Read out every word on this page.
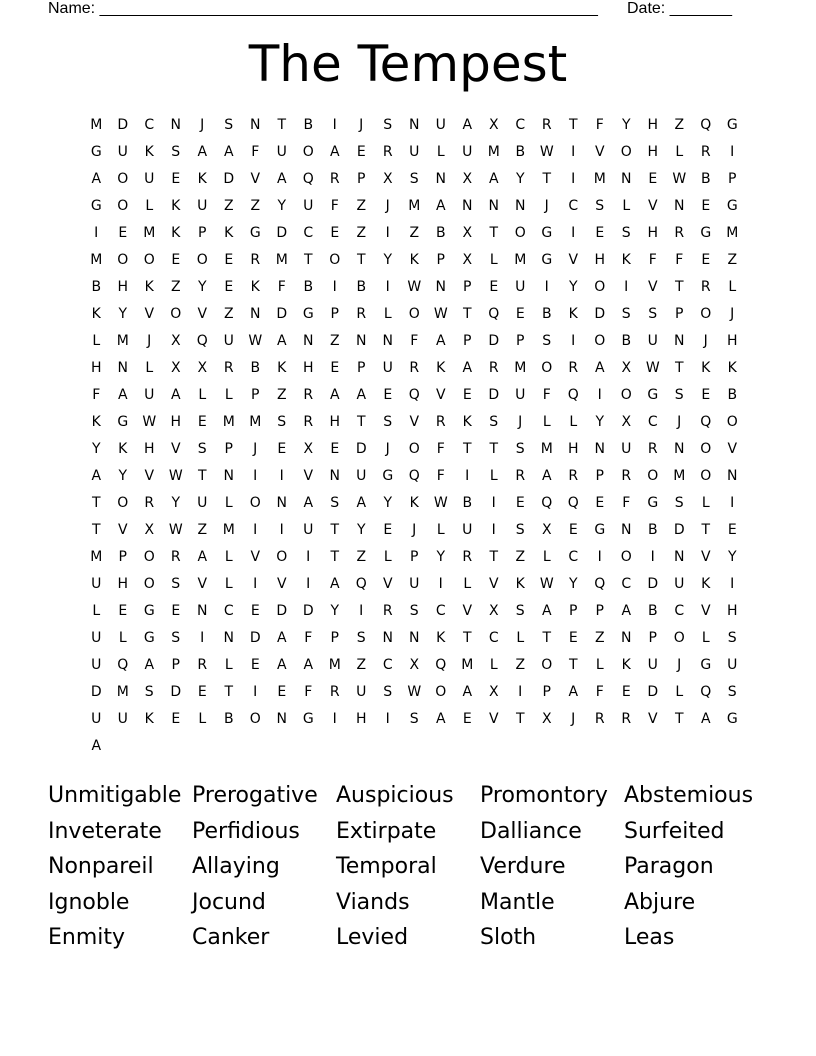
Name: ________________________________________________________ Date: _______
The Tempest
M	D	C	N	J	S	N	T	B	I	J	S	N	U	A	X	C	R	T	F	Y	H	Z	Q	G
G	U	K	S	A	A	F	U	O	A	E	R	U	L	U	M	B	W	I	V	O	H	L	R	I
A	O	U	E	K	D	V	A	Q	R	P	X	S	N	X	A	Y	T	I	M	N	E	W	B	P
G	O	L	K	U	Z	Z	Y	U	F	Z	J	M	A	N	N	N	J	C	S	L	V	N	E	G
I	E	M	K	P	K	G	D	C	E	Z	I	Z	B	X	T	O	G	I	E	S	H	R	G	M
M	O	O	E	O	E	R	M	T	O	T	Y	K	P	X	L	M	G	V	H	K	F	F	E	Z
B	H	K	Z	Y	E	K	F	B	I	B	I	W	N	P	E	U	I	Y	O	I	V	T	R	L
K	Y	V	O	V	Z	N	D	G	P	R	L	O	W	T	Q	E	B	K	D	S	S	P	O	J
L	M	J	X	Q	U	W	A	N	Z	N	N	F	A	P	D	P	S	I	O	B	U	N	J	H
H	N	L	X	X	R	B	K	H	E	P	U	R	K	A	R	M	O	R	A	X	W	T	K	K
F	A	U	A	L	L	P	Z	R	A	A	E	Q	V	E	D	U	F	Q	I	O	G	S	E	B
K	G	W	H	E	M	M	S	R	H	T	S	V	R	K	S	J	L	L	Y	X	C	J	Q	O
Y	K	H	V	S	P	J	E	X	E	D	J	O	F	T	T	S	M	H	N	U	R	N	O	V
A	Y	V	W	T	N	I	I	V	N	U	G	Q	F	I	L	R	A	R	P	R	O	M	O	N
T	O	R	Y	U	L	O	N	A	S	A	Y	K	W	B	I	E	Q	Q	E	F	G	S	L	I
T	V	X	W	Z	M	I	I	U	T	Y	E	J	L	U	I	S	X	E	G	N	B	D	T	E
M	P	O	R	A	L	V	O	I	T	Z	L	P	Y	R	T	Z	L	C	I	O	I	N	V	Y
U	H	O	S	V	L	I	V	I	A	Q	V	U	I	L	V	K	W	Y	Q	C	D	U	K	I
L	E	G	E	N	C	E	D	D	Y	I	R	S	C	V	X	S	A	P	P	A	B	C	V	H
U	L	G	S	I	N	D	A	F	P	S	N	N	K	T	C	L	T	E	Z	N	P	O	L	S
U	Q	A	P	R	L	E	A	A	M	Z	C	X	Q	M	L	Z	O	T	L	K	U	J	G	U
D	M	S	D	E	T	I	E	F	R	U	S	W	O	A	X	I	P	A	F	E	D	L	Q	S
U	U	K	E	L	B	O	N	G	I	H	I	S	A	E	V	T	X	J	R	R	V	T	A	G
A
Unmitigable Prerogative Auspicious	Promontory Abstemious
Inveterate	Perfidious	Extirpate	Dalliance	Surfeited
Nonpareil	Allaying	Temporal	Verdure	Paragon
Ignoble	Jocund	Viands	Mantle	Abjure
Enmity	Canker	Levied	Sloth	Leas
